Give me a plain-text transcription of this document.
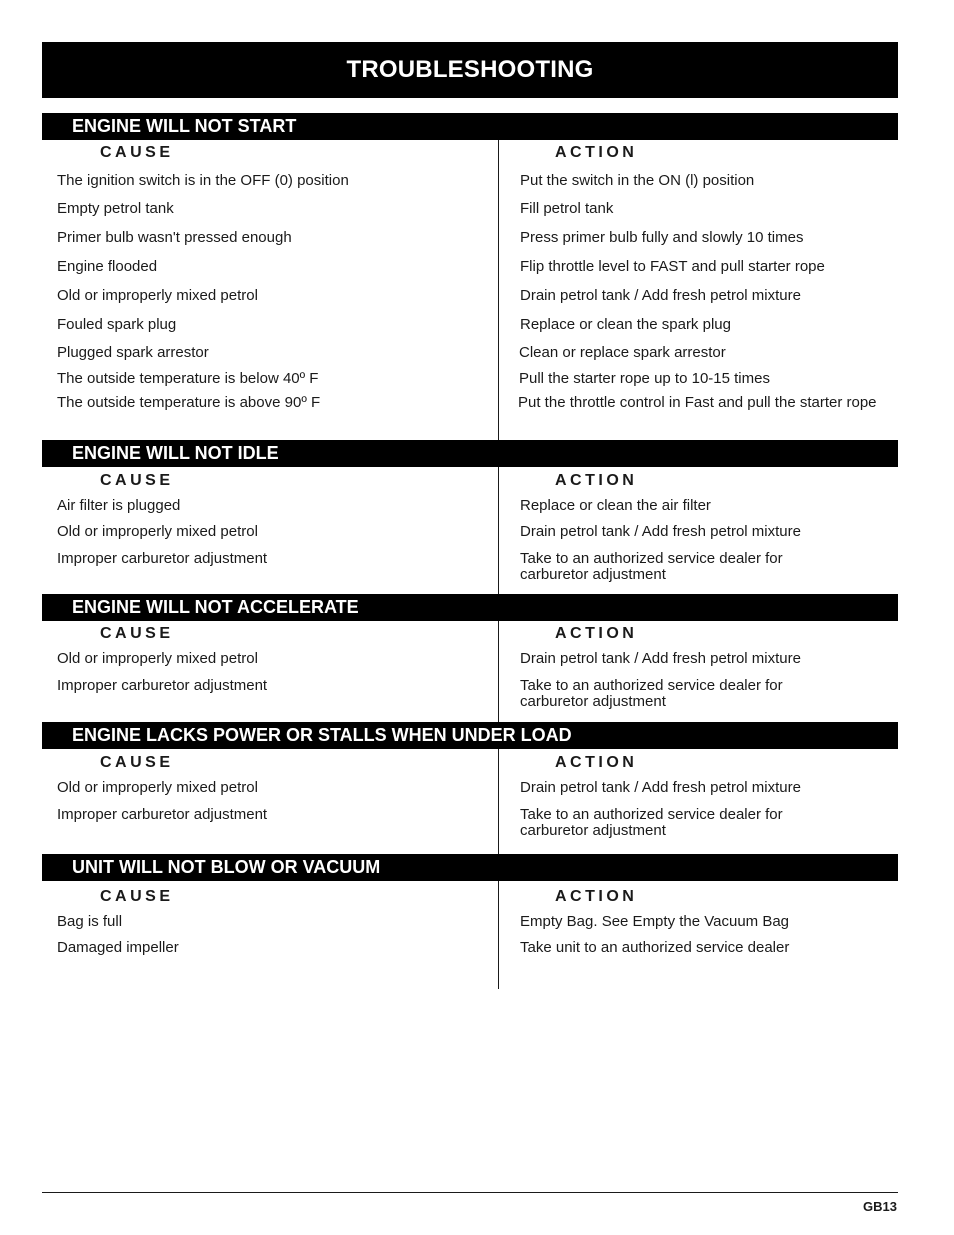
TROUBLESHOOTING
ENGINE WILL NOT START
CAUSE	ACTION
The ignition switch is in the OFF (0) position	Put the switch in the ON (l) position
Empty petrol tank	Fill petrol tank
Primer bulb wasn't pressed enough	Press primer bulb fully and slowly 10 times
Engine flooded	Flip throttle level to FAST and pull starter rope
Old or improperly mixed petrol	Drain petrol tank / Add fresh petrol mixture
Fouled spark plug	Replace or clean the spark plug
Plugged spark arrestor	Clean or replace spark arrestor
The outside temperature is below 40º F	Pull the starter rope up to 10-15 times
The outside temperature is above 90º F	Put the throttle control in Fast and pull the starter rope
ENGINE WILL NOT IDLE
CAUSE	ACTION
Air filter is plugged	Replace or clean the air filter
Old or improperly mixed petrol	Drain petrol tank / Add fresh petrol mixture
Improper carburetor adjustment	Take to an authorized service dealer for
carburetor adjustment
ENGINE WILL NOT ACCELERATE
CAUSE	ACTION
Old or improperly mixed petrol	Drain petrol tank / Add fresh petrol mixture
Improper carburetor adjustment	Take to an authorized service dealer for
carburetor adjustment
ENGINE LACKS POWER OR STALLS WHEN UNDER LOAD
CAUSE	ACTION
Old or improperly mixed petrol	Drain petrol tank / Add fresh petrol mixture
Improper carburetor adjustment	Take to an authorized service dealer for
carburetor adjustment
UNIT WILL NOT BLOW OR VACUUM
CAUSE	ACTION
Bag is full	Empty Bag. See Empty the Vacuum Bag
Damaged impeller	Take unit to an authorized service dealer
GB13
